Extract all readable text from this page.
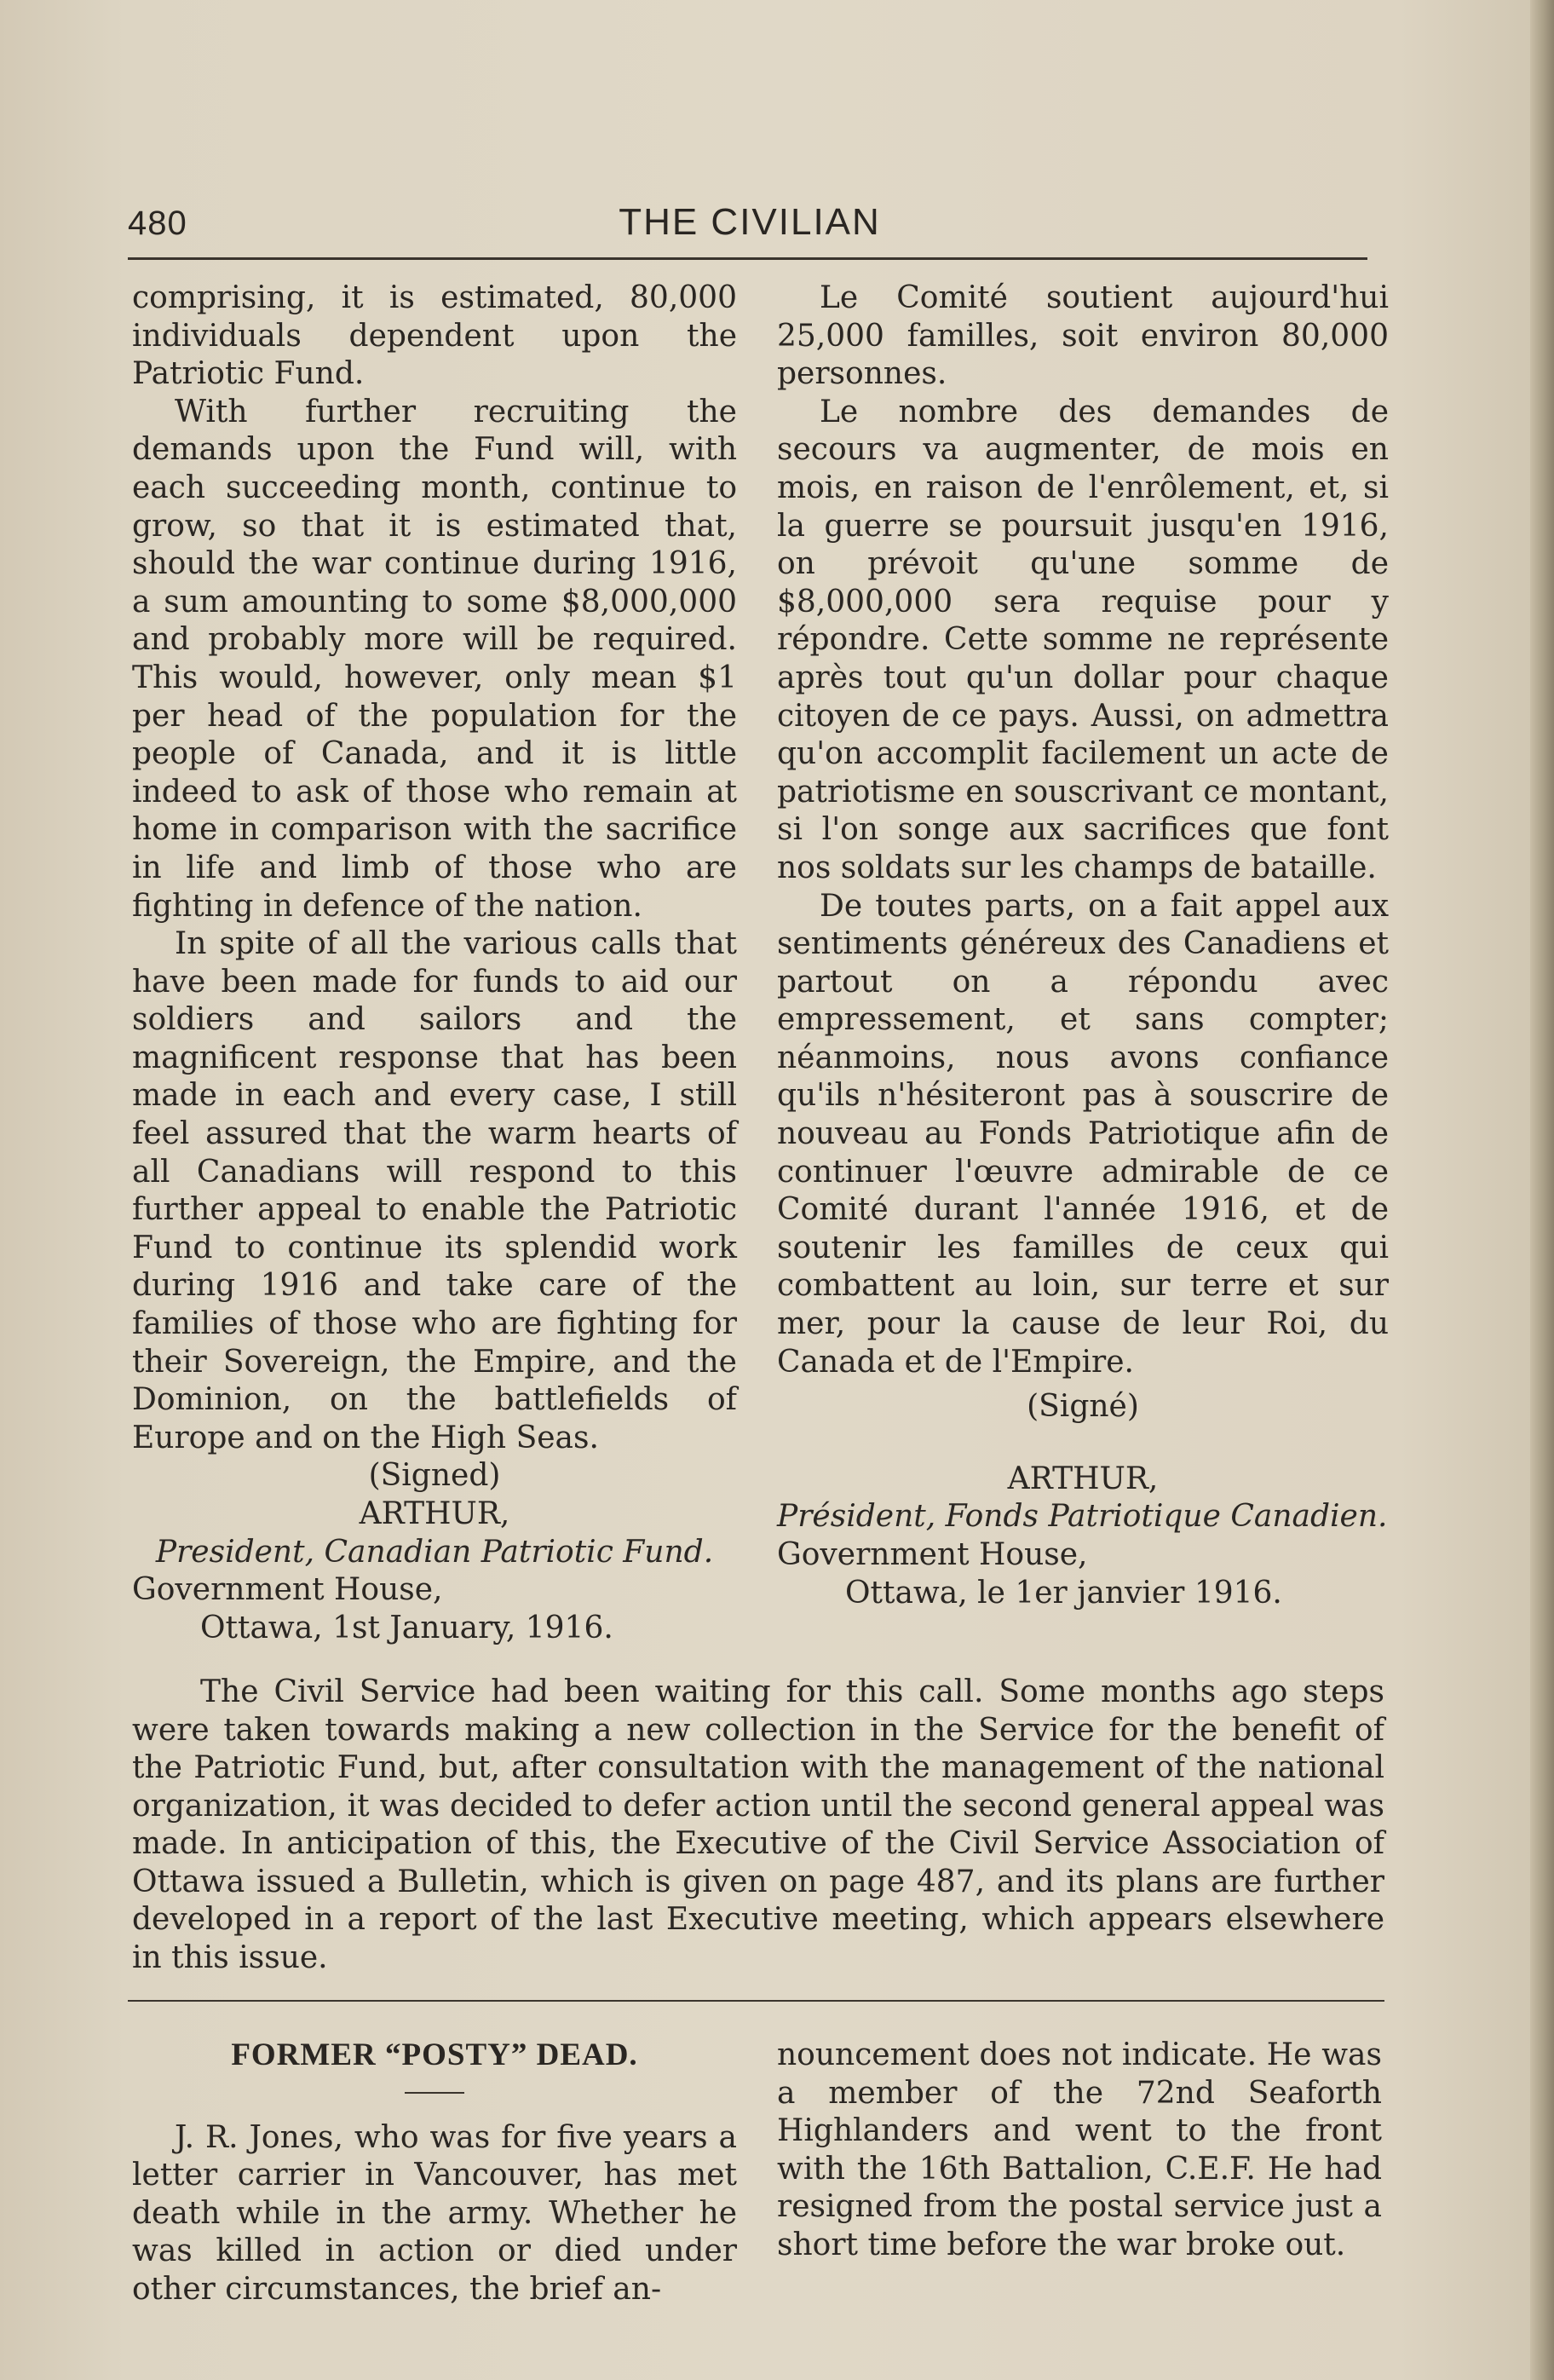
480	THE CIVILIAN

comprising, it is estimated, 80,000 individuals dependent upon the Patriotic Fund.

With further recruiting the demands upon the Fund will, with each succeeding month, continue to grow, so that it is estimated that, should the war continue during 1916, a sum amounting to some $8,000,000 and probably more will be required. This would, however, only mean $1 per head of the population for the people of Canada, and it is little indeed to ask of those who remain at home in comparison with the sacrifice in life and limb of those who are fighting in defence of the nation.

In spite of all the various calls that have been made for funds to aid our soldiers and sailors and the magnificent response that has been made in each and every case, I still feel assured that the warm hearts of all Canadians will respond to this further appeal to enable the Patriotic Fund to continue its splendid work during 1916 and take care of the families of those who are fighting for their Sovereign, the Empire, and the Dominion, on the battlefields of Europe and on the High Seas.

(Signed)

ARTHUR,

President, Canadian Patriotic Fund.

Government House,

Ottawa, 1st January, 1916.

Le Comité soutient aujourd'hui 25,000 familles, soit environ 80,000 personnes.

Le nombre des demandes de secours va augmenter, de mois en mois, en raison de l'enrôlement, et, si la guerre se poursuit jusqu'en 1916, on prévoit qu'une somme de $8,000,000 sera requise pour y répondre. Cette somme ne représente après tout qu'un dollar pour chaque citoyen de ce pays. Aussi, on admettra qu'on accomplit facilement un acte de patriotisme en souscrivant ce montant, si l'on songe aux sacrifices que font nos soldats sur les champs de bataille.

De toutes parts, on a fait appel aux sentiments généreux des Canadiens et partout on a répondu avec empressement, et sans compter; néanmoins, nous avons confiance qu'ils n'hésiteront pas à souscrire de nouveau au Fonds Patriotique afin de continuer l'œuvre admirable de ce Comité durant l'année 1916, et de soutenir les familles de ceux qui combattent au loin, sur terre et sur mer, pour la cause de leur Roi, du Canada et de l'Empire.

(Signé)

ARTHUR,

Président, Fonds Patriotique Canadien.

Government House,

Ottawa, le 1er janvier 1916.

The Civil Service had been waiting for this call. Some months ago steps were taken towards making a new collection in the Service for the benefit of the Patriotic Fund, but, after consultation with the management of the national organization, it was decided to defer action until the second general appeal was made. In anticipation of this, the Executive of the Civil Service Association of Ottawa issued a Bulletin, which is given on page 487, and its plans are further developed in a report of the last Executive meeting, which appears elsewhere in this issue.

FORMER “POSTY” DEAD.

J. R. Jones, who was for five years a letter carrier in Vancouver, has met death while in the army. Whether he was killed in action or died under other circumstances, the brief an-

nouncement does not indicate. He was a member of the 72nd Seaforth Highlanders and went to the front with the 16th Battalion, C.E.F. He had resigned from the postal service just a short time before the war broke out.
